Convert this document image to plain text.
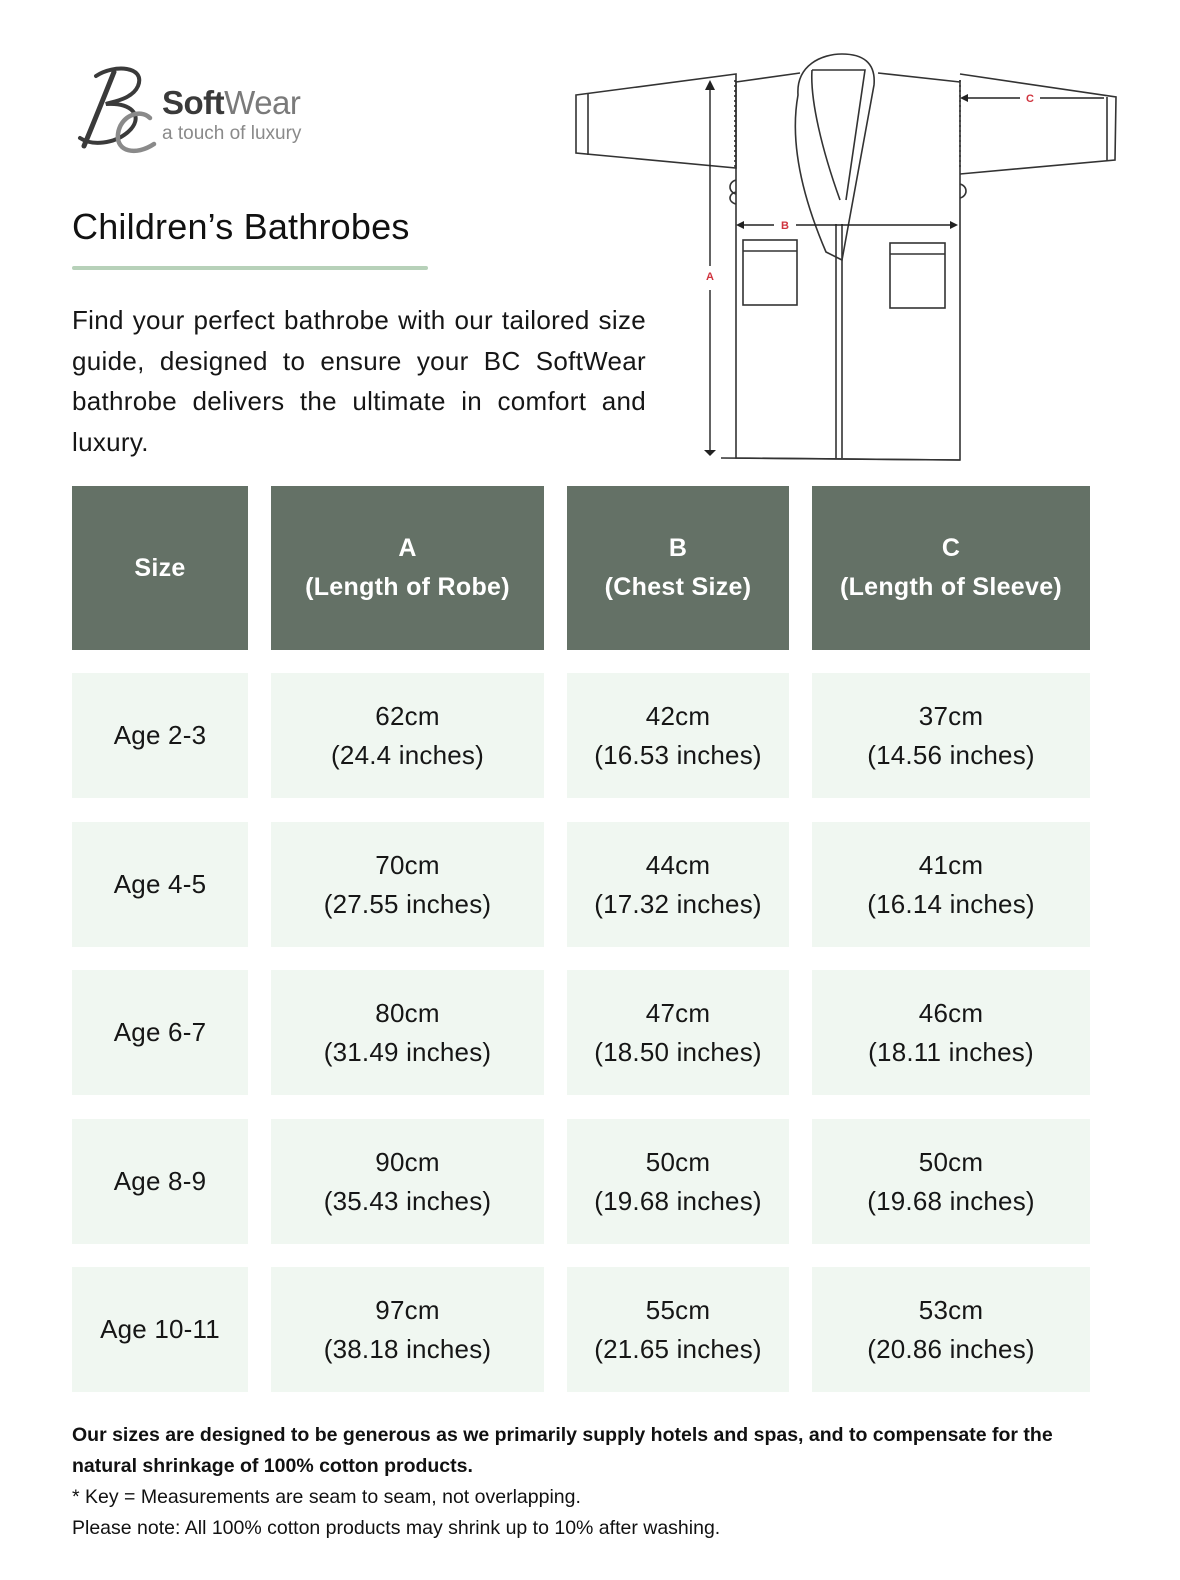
SoftWear
a touch of luxury
Children’s Bathrobes

Find your perfect bathrobe with our tailored size guide, designed to ensure your BC SoftWear bathrobe delivers the ultimate in comfort and luxury.

A
B
C
Size
A
(Length of Robe)
B
(Chest Size)
C
(Length of Sleeve)
Age 2-3
62cm
(24.4 inches)
42cm
(16.53 inches)
37cm
(14.56 inches)
Age 4-5
70cm
(27.55 inches)
44cm
(17.32 inches)
41cm
(16.14 inches)
Age 6-7
80cm
(31.49 inches)
47cm
(18.50 inches)
46cm
(18.11 inches)
Age 8-9
90cm
(35.43 inches)
50cm
(19.68 inches)
50cm
(19.68 inches)
Age 10-11
97cm
(38.18 inches)
55cm
(21.65 inches)
53cm
(20.86 inches)

Our sizes are designed to be generous as we primarily supply hotels and spas, and to compensate for the natural shrinkage of 100% cotton products.

* Key = Measurements are seam to seam, not overlapping.

Please note: All 100% cotton products may shrink up to 10% after washing.
